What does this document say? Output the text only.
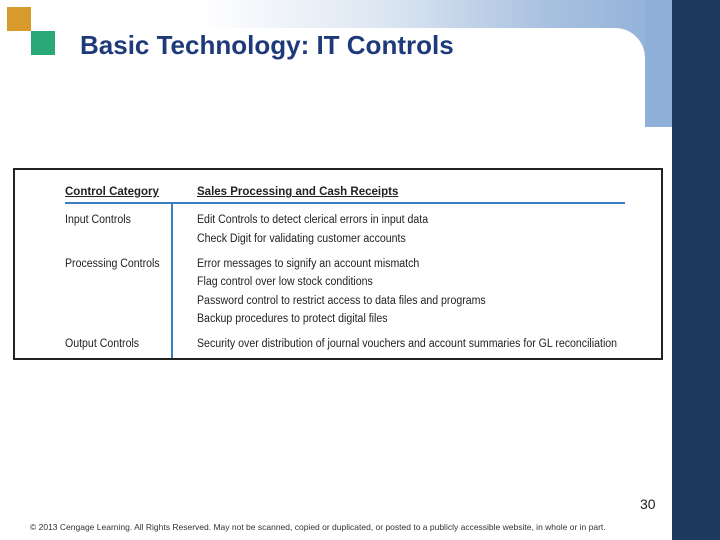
Basic Technology: IT Controls
Control Category	Sales Processing and Cash Receipts
Input Controls	Edit Controls to detect clerical errors in input data
Check Digit for validating customer accounts
Processing Controls	Error messages to signify an account mismatch
Flag control over low stock conditions
Password control to restrict access to data files and programs
Backup procedures to protect digital files
Output Controls	Security over distribution of journal vouchers and account summaries for GL reconciliation
30
© 2013 Cengage Learning. All Rights Reserved. May not be scanned, copied or duplicated, or posted to a publicly accessible website, in whole or in part.
